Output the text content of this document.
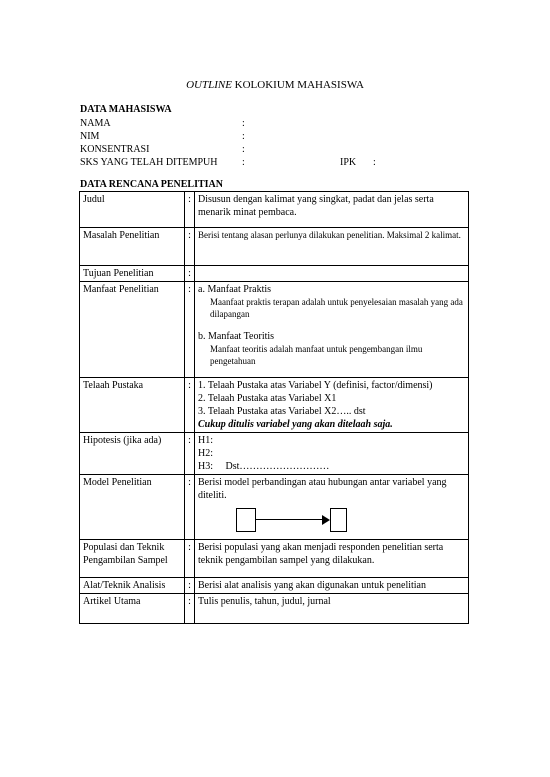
OUTLINE KOLOKIUM MAHASISWA
DATA MAHASISWA
NAMA	:
NIM	:
KONSENTRASI	:
SKS YANG TELAH DITEMPUH :	IPK :
DATA RENCANA PENELITIAN
Judul	:	Disusun dengan kalimat yang singkat, padat dan jelas serta menarik minat pembaca.
Masalah Penelitian	:	Berisi tentang alasan perlunya dilakukan penelitian. Maksimal 2 kalimat.
Tujuan Penelitian	:	
Manfaat Penelitian	:	a. Manfaat Praktis
Maanfaat praktis terapan adalah untuk penyelesaian masalah yang ada dilapangan
b. Manfaat Teoritis
Manfaat teoritis adalah manfaat untuk pengembangan ilmu pengetahuan

Telaah Pustaka	:	1. Telaah Pustaka atas Variabel Y (definisi, factor/dimensi)
2. Telaah Pustaka atas Variabel X1
3. Telaah Pustaka atas Variabel X2….. dst
Cukup ditulis variabel yang akan ditelaah saja.

Hipotesis (jika ada)	:	H1:
H2:
H3:     Dst………………………

Model Penelitian	:	Berisi model perbandingan atau hubungan antar variabel yang diteliti.

Populasi dan Teknik Pengambilan Sampel	:	Berisi populasi yang akan menjadi responden penelitian serta teknik pengambilan sampel yang dilakukan.
Alat/Teknik Analisis	:	Berisi alat analisis yang akan digunakan untuk penelitian
Artikel Utama	:	Tulis penulis, tahun, judul, jurnal
